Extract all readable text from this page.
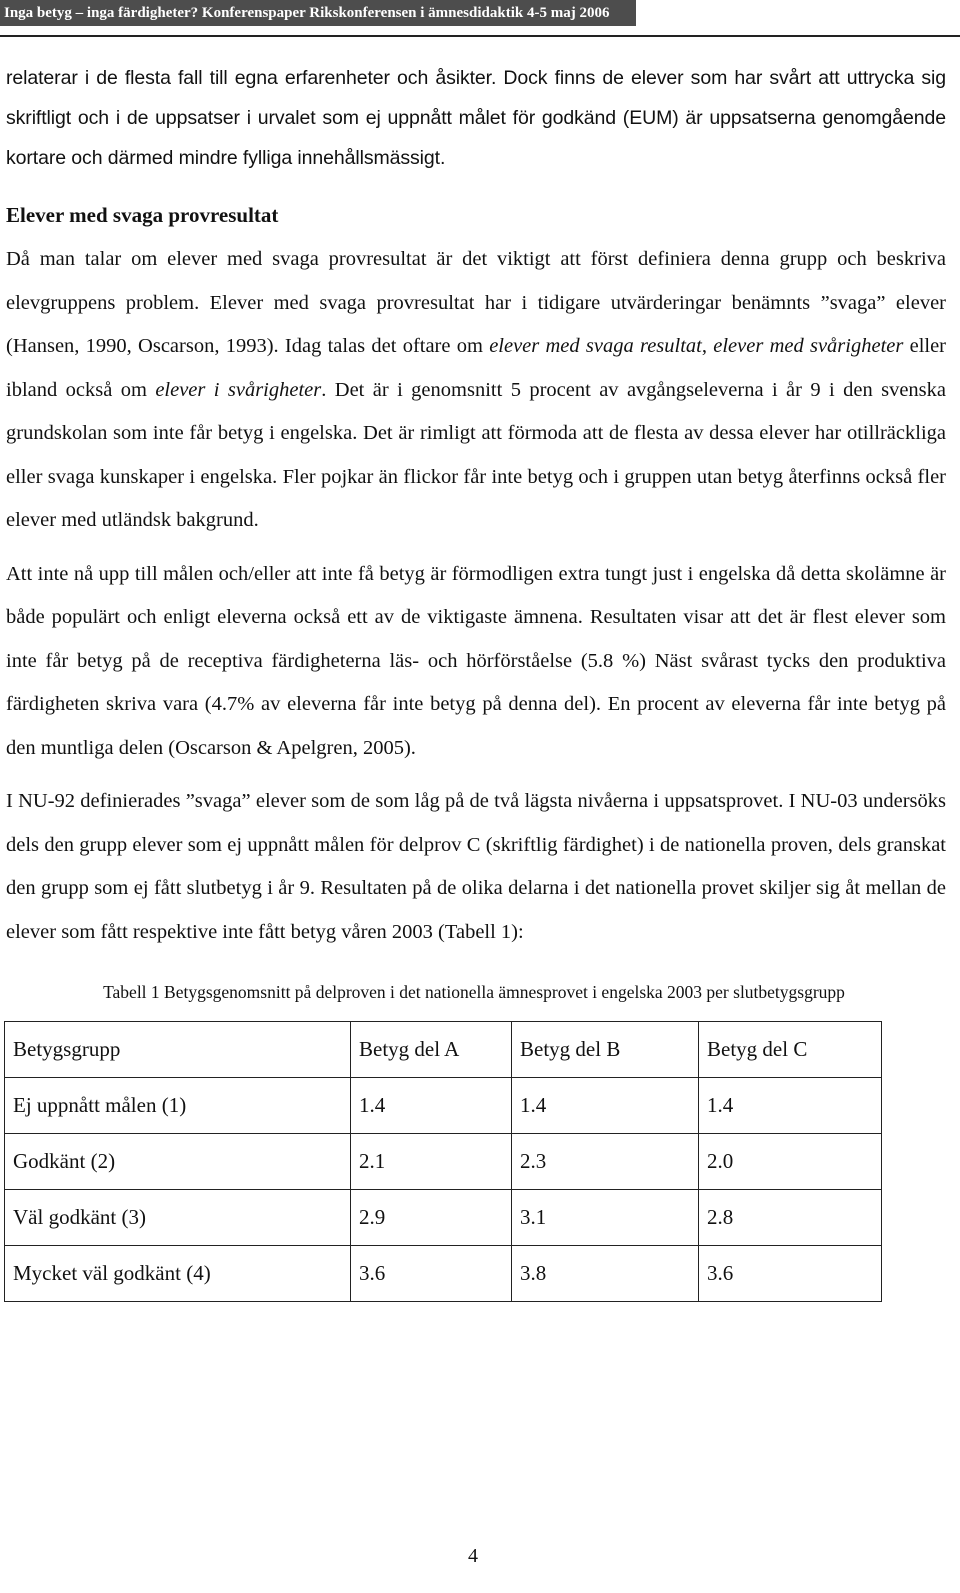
Inga betyg – inga färdigheter? Konferenspaper Rikskonferensen i ämnesdidaktik 4-5 maj 2006

relaterar i de flesta fall till egna erfarenheter och åsikter. Dock finns de elever som har svårt att uttrycka sig skriftligt och i de uppsatser i urvalet som ej uppnått målet för godkänd (EUM) är uppsatserna genomgående kortare och därmed mindre fylliga innehållsmässigt.

Elever med svaga provresultat

Då man talar om elever med svaga provresultat är det viktigt att först definiera denna grupp och beskriva elevgruppens problem. Elever med svaga provresultat har i tidigare utvärderingar benämnts ”svaga” elever (Hansen, 1990, Oscarson, 1993). Idag talas det oftare om elever med svaga resultat, elever med svårigheter eller ibland också om elever i svårigheter. Det är i genomsnitt 5 procent av avgångseleverna i år 9 i den svenska grundskolan som inte får betyg i engelska. Det är rimligt att förmoda att de flesta av dessa elever har otillräckliga eller svaga kunskaper i engelska. Fler pojkar än flickor får inte betyg och i gruppen utan betyg återfinns också fler elever med utländsk bakgrund.

Att inte nå upp till målen och/eller att inte få betyg är förmodligen extra tungt just i engelska då detta skolämne är både populärt och enligt eleverna också ett av de viktigaste ämnena. Resultaten visar att det är flest elever som inte får betyg på de receptiva färdigheterna läs- och hörförståelse (5.8 %) Näst svårast tycks den produktiva färdigheten skriva vara (4.7% av eleverna får inte betyg på denna del). En procent av eleverna får inte betyg på den muntliga delen (Oscarson & Apelgren, 2005).

I NU-92 definierades ”svaga” elever som de som låg på de två lägsta nivåerna i uppsatsprovet. I NU-03 undersöks dels den grupp elever som ej uppnått målen för delprov C (skriftlig färdighet) i de nationella proven, dels granskat den grupp som ej fått slutbetyg i år 9. Resultaten på de olika delarna i det nationella provet skiljer sig åt mellan de elever som fått respektive inte fått betyg våren 2003 (Tabell 1):

Tabell 1 Betygsgenomsnitt på delproven i det nationella ämnesprovet i engelska 2003 per slutbetygsgrupp
Betygsgrupp	Betyg del A	Betyg del B	Betyg del C
Ej uppnått målen (1)	1.4	1.4	1.4
Godkänt (2)	2.1	2.3	2.0
Väl godkänt (3)	2.9	3.1	2.8
Mycket väl godkänt (4)	3.6	3.8	3.6
4
